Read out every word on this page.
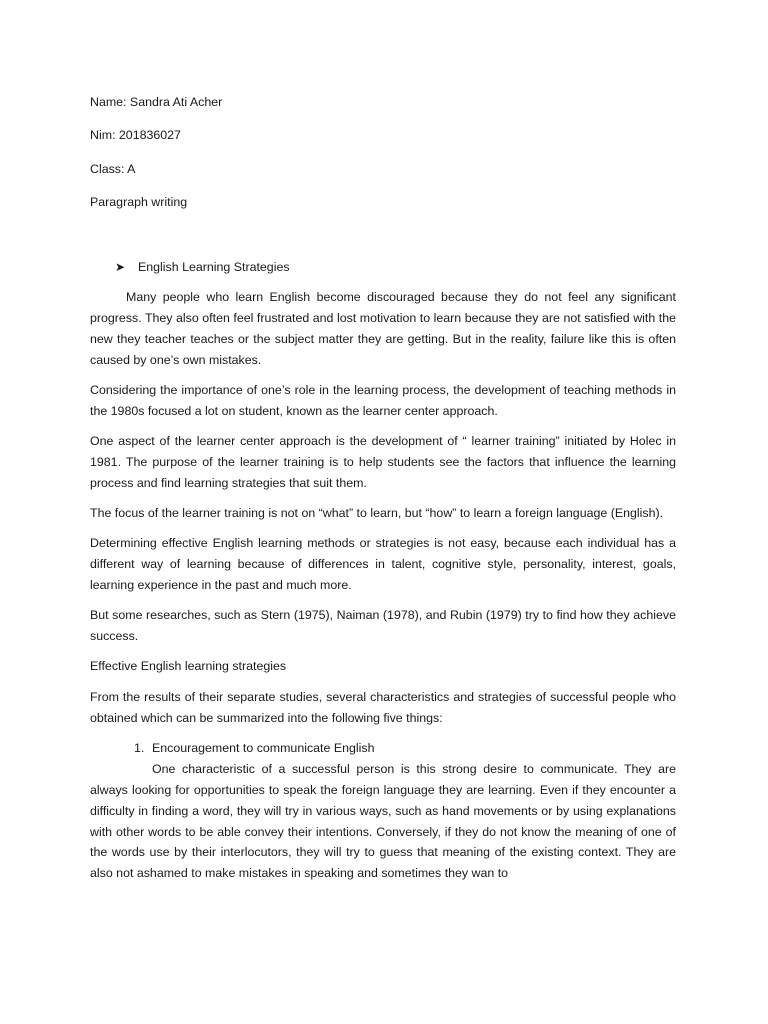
Name: Sandra Ati Acher
Nim: 201836027
Class: A
Paragraph writing
➤ English Learning Strategies

Many people who learn English become discouraged because they do not feel any significant progress. They also often feel frustrated and lost motivation to learn because they are not satisfied with the new they teacher teaches or the subject matter they are getting. But in the reality, failure like this is often caused by one’s own mistakes.

Considering the importance of one’s role in the learning process, the development of teaching methods in the 1980s focused a lot on student, known as the learner center approach.

One aspect of the learner center approach is the development of “ learner training” initiated by Holec in 1981. The purpose of the learner training is to help students see the factors that influence the learning process and find learning strategies that suit them.

The focus of the learner training is not on “what” to learn, but “how” to learn a foreign language (English).

Determining effective English learning methods or strategies is not easy, because each individual has a different way of learning because of differences in talent, cognitive style, personality, interest, goals, learning experience in the past and much more.

But some researches, such as Stern (1975), Naiman (1978), and Rubin (1979) try to find how they achieve success.

Effective English learning strategies

From the results of their separate studies, several characteristics and strategies of successful people who obtained which can be summarized into the following five things:

1. Encouragement to communicate English

One characteristic of a successful person is this strong desire to communicate. They are always looking for opportunities to speak the foreign language they are learning. Even if they encounter a difficulty in finding a word, they will try in various ways, such as hand movements or by using explanations with other words to be able convey their intentions. Conversely, if they do not know the meaning of one of the words use by their interlocutors, they will try to guess that meaning of the existing context. They are also not ashamed to make mistakes in speaking and sometimes they wan to
